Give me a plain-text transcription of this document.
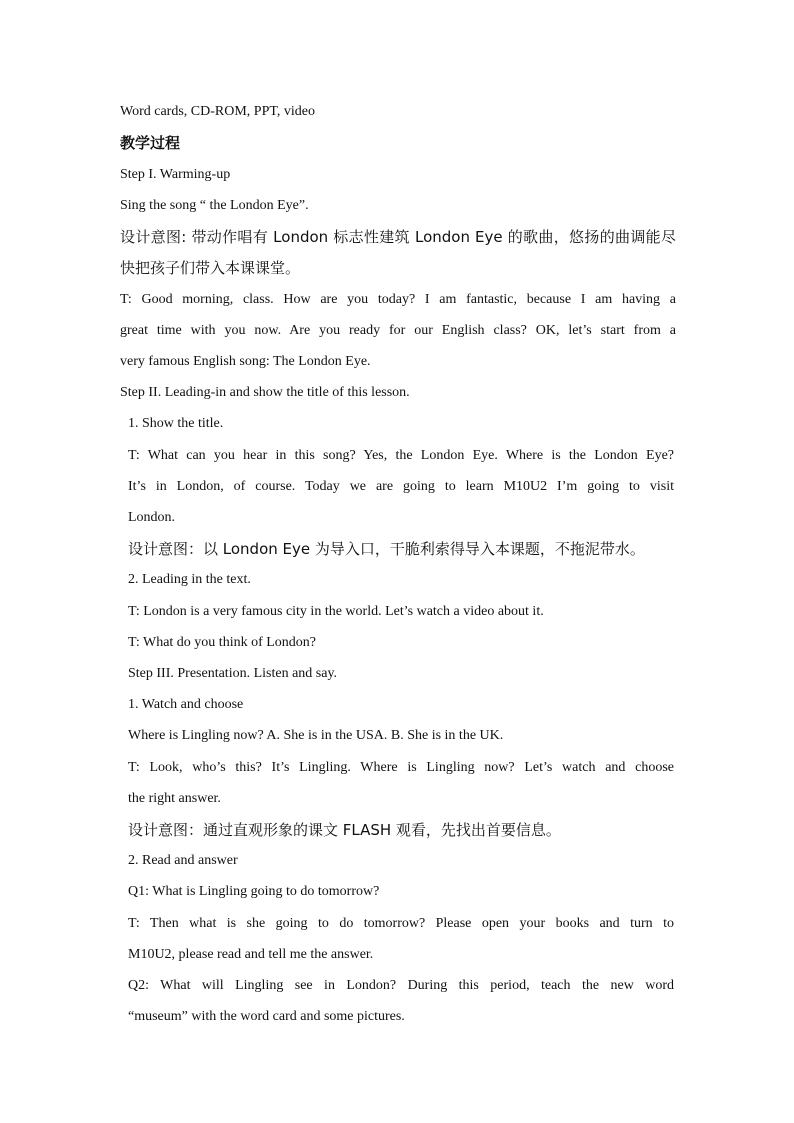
Word cards, CD-ROM, PPT, video
教学过程
Step I. Warming-up
Sing the song “ the London Eye”.
设计意图: 带动作唱有 London 标志性建筑 London Eye 的歌曲，悠扬的曲调能尽
快把孩子们带入本课课堂。
T: Good morning, class. How are you today? I am fantastic, because I am having a
great time with you now. Are you ready for our English class? OK, let’s start from a
very famous English song: The London Eye.
Step II. Leading-in and show the title of this lesson.
1. Show the title.
T: What can you hear in this song? Yes, the London Eye. Where is the London Eye?
It’s in London, of course. Today we are going to learn M10U2 I’m going to visit
London.
设计意图：以 London Eye 为导入口，干脆利索得导入本课题，不拖泥带水。
2. Leading in the text.
T: London is a very famous city in the world. Let’s watch a video about it.
T: What do you think of London?
Step III. Presentation. Listen and say.
1. Watch and choose
Where is Lingling now? A. She is in the USA. B. She is in the UK.
T: Look, who’s this? It’s Lingling. Where is Lingling now? Let’s watch and choose
the right answer.
设计意图：通过直观形象的课文 FLASH 观看，先找出首要信息。
2. Read and answer
Q1: What is Lingling going to do tomorrow?
T: Then what is she going to do tomorrow? Please open your books and turn to
M10U2, please read and tell me the answer.
Q2: What will Lingling see in London? During this period, teach the new word
“museum” with the word card and some pictures.
